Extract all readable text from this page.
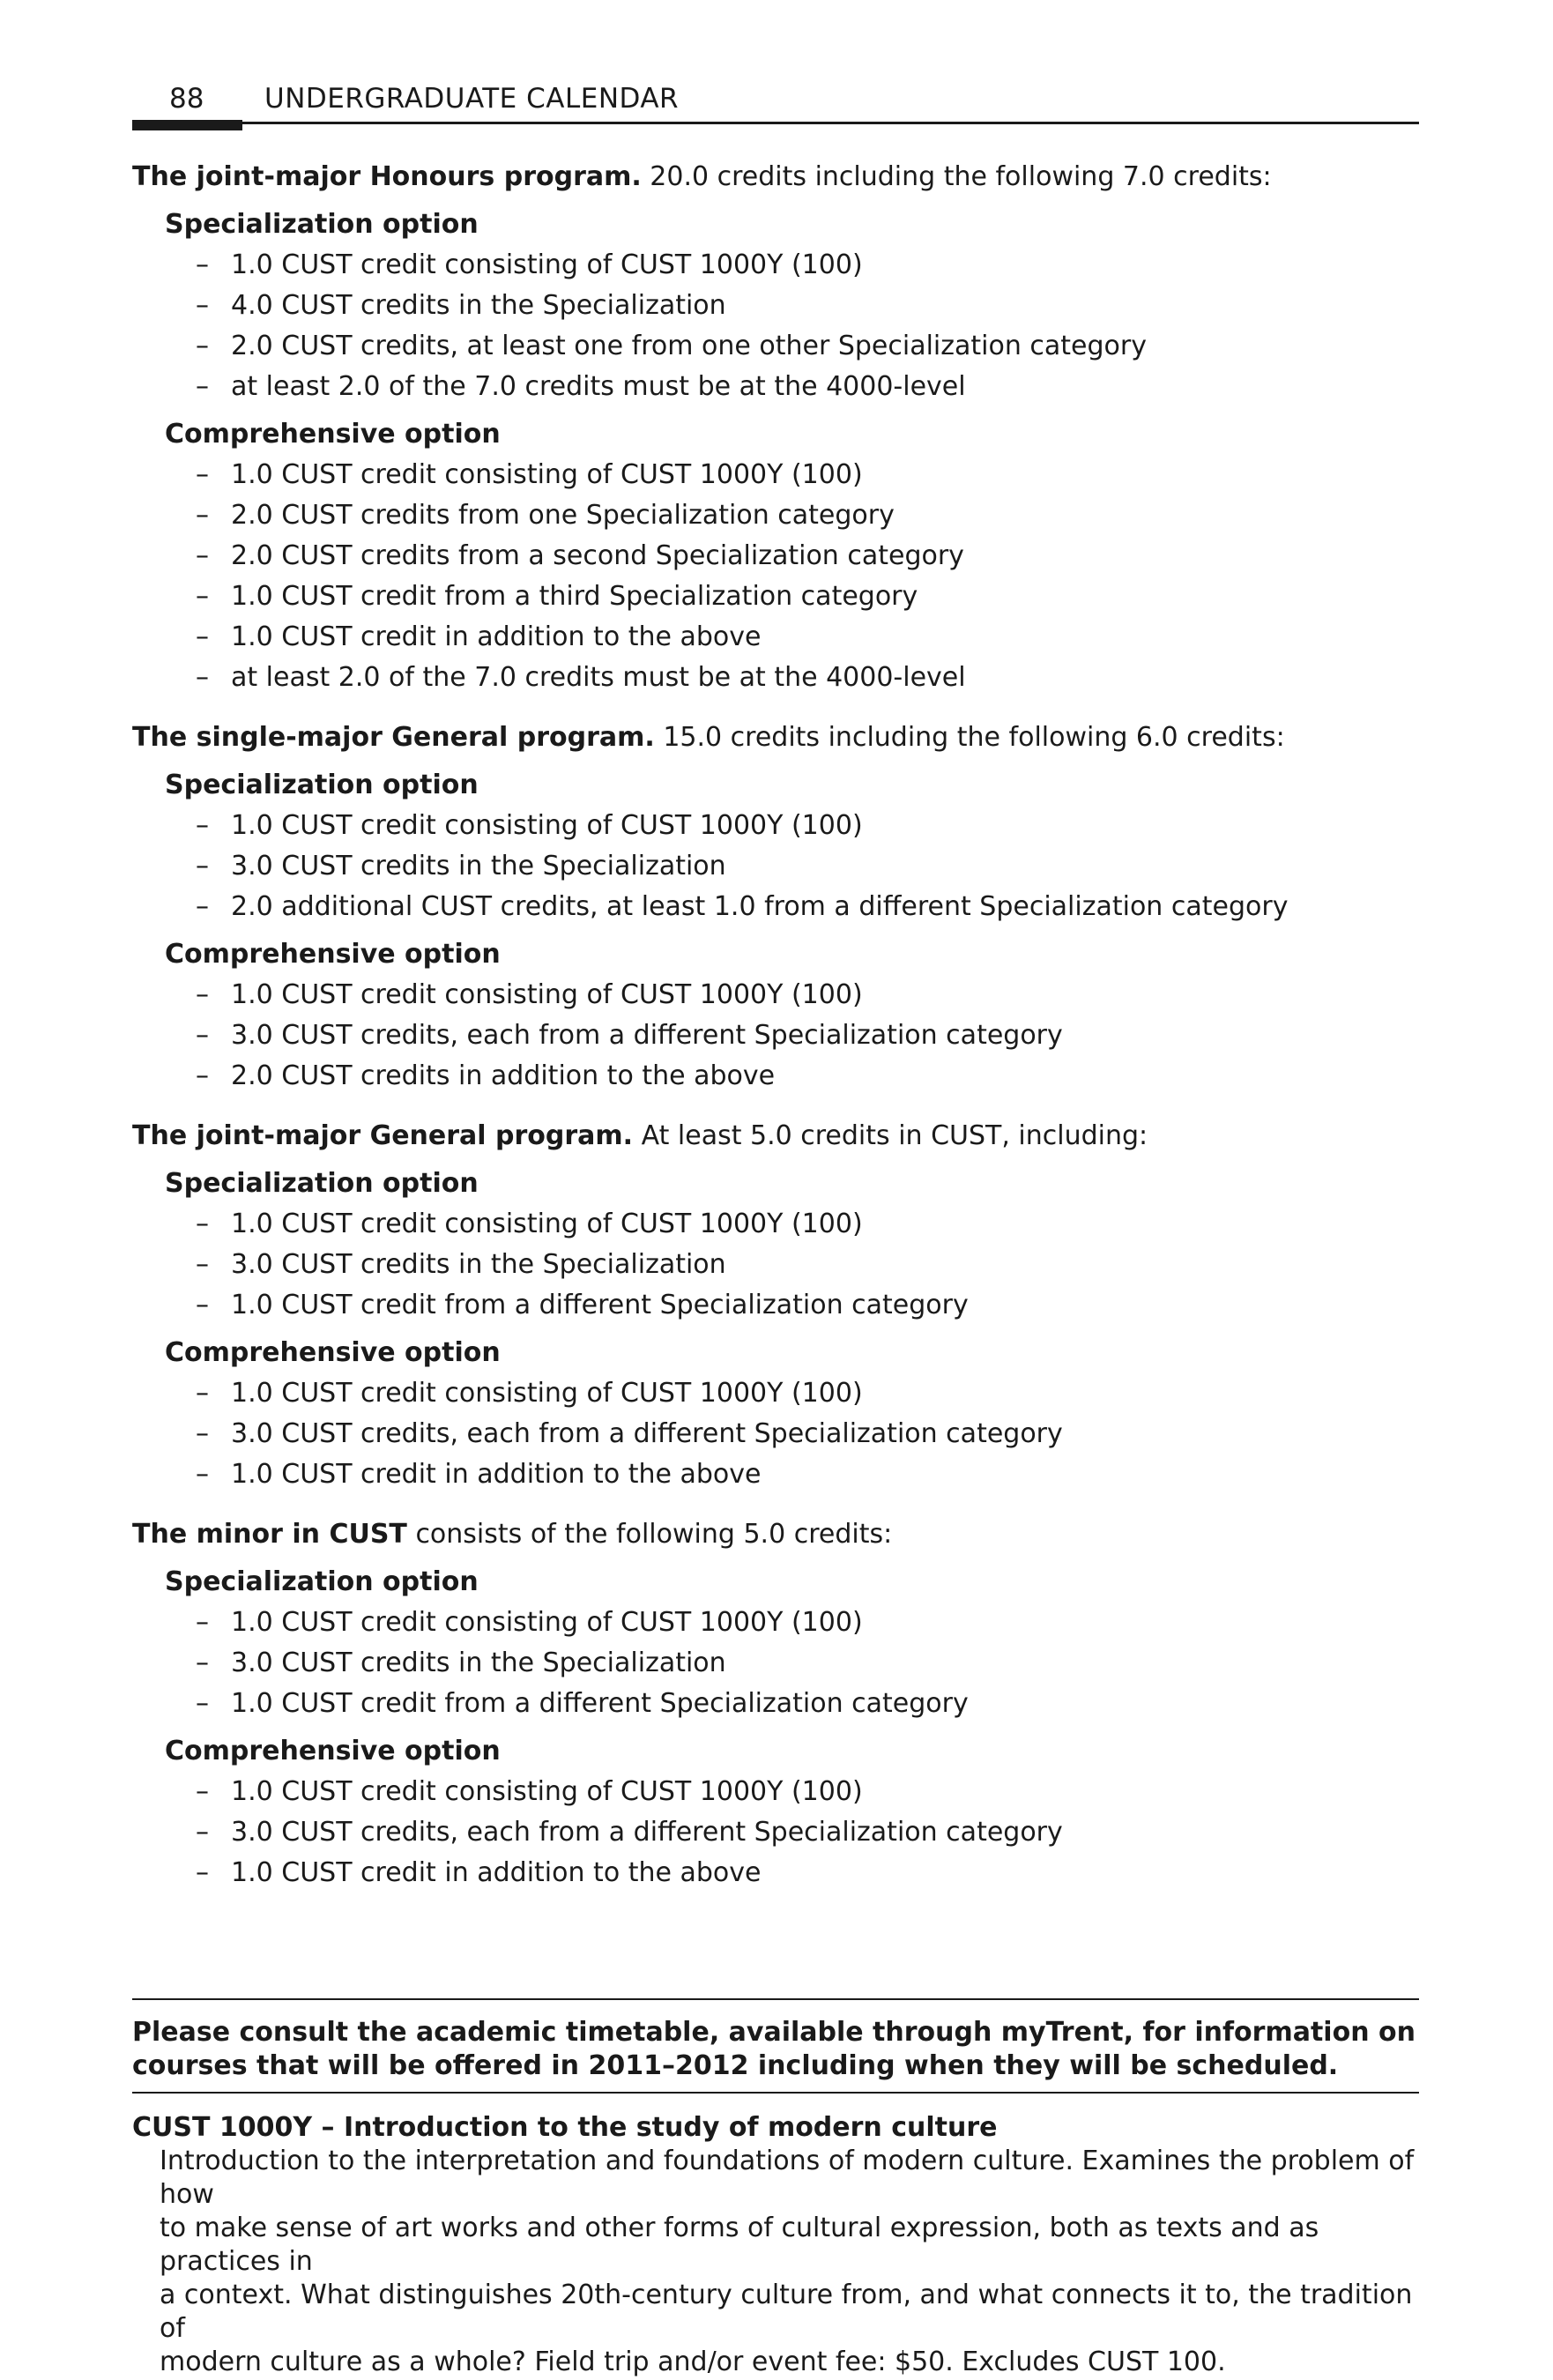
88 UNDERGRADUATE CALENDAR
The joint-major Honours program. 20.0 credits including the following 7.0 credits:
Specialization option
– 1.0 CUST credit consisting of CUST 1000Y (100)
– 4.0 CUST credits in the Specialization
– 2.0 CUST credits, at least one from one other Specialization category
– at least 2.0 of the 7.0 credits must be at the 4000-level
Comprehensive option
– 1.0 CUST credit consisting of CUST 1000Y (100)
– 2.0 CUST credits from one Specialization category
– 2.0 CUST credits from a second Specialization category
– 1.0 CUST credit from a third Specialization category
– 1.0 CUST credit in addition to the above
– at least 2.0 of the 7.0 credits must be at the 4000-level
The single-major General program. 15.0 credits including the following 6.0 credits:
Specialization option
– 1.0 CUST credit consisting of CUST 1000Y (100)
– 3.0 CUST credits in the Specialization
– 2.0 additional CUST credits, at least 1.0 from a different Specialization category
Comprehensive option
– 1.0 CUST credit consisting of CUST 1000Y (100)
– 3.0 CUST credits, each from a different Specialization category
– 2.0 CUST credits in addition to the above
The joint-major General program. At least 5.0 credits in CUST, including:
Specialization option
– 1.0 CUST credit consisting of CUST 1000Y (100)
– 3.0 CUST credits in the Specialization
– 1.0 CUST credit from a different Specialization category
Comprehensive option
– 1.0 CUST credit consisting of CUST 1000Y (100)
– 3.0 CUST credits, each from a different Specialization category
– 1.0 CUST credit in addition to the above
The minor in CUST consists of the following 5.0 credits:
Specialization option
– 1.0 CUST credit consisting of CUST 1000Y (100)
– 3.0 CUST credits in the Specialization
– 1.0 CUST credit from a different Specialization category
Comprehensive option
– 1.0 CUST credit consisting of CUST 1000Y (100)
– 3.0 CUST credits, each from a different Specialization category
– 1.0 CUST credit in addition to the above
Please consult the academic timetable, available through myTrent, for information on
courses that will be offered in 2011–2012 including when they will be scheduled.
CUST 1000Y – Introduction to the study of modern culture
Introduction to the interpretation and foundations of modern culture. Examines the problem of how
to make sense of art works and other forms of cultural expression, both as texts and as practices in
a context. What distinguishes 20th-century culture from, and what connects it to, the tradition of
modern culture as a whole? Field trip and/or event fee: $50. Excludes CUST 100.
